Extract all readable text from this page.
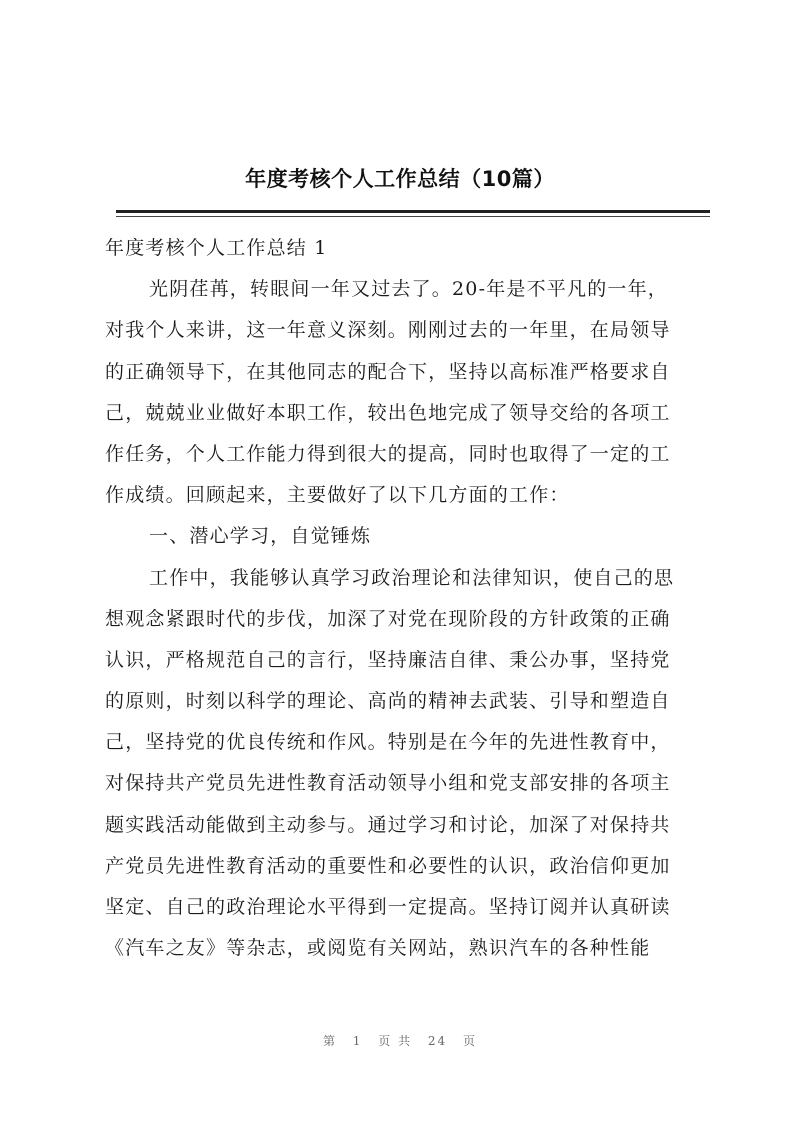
年度考核个人工作总结（10篇）
年度考核个人工作总结 1
光阴荏苒，转眼间一年又过去了。20-年是不平凡的一年，
对我个人来讲，这一年意义深刻。刚刚过去的一年里，在局领导
的正确领导下，在其他同志的配合下，坚持以高标准严格要求自
己，兢兢业业做好本职工作，较出色地完成了领导交给的各项工
作任务，个人工作能力得到很大的提高，同时也取得了一定的工
作成绩。回顾起来，主要做好了以下几方面的工作：
一、潜心学习，自觉锤炼
工作中，我能够认真学习政治理论和法律知识，使自己的思
想观念紧跟时代的步伐，加深了对党在现阶段的方针政策的正确
认识，严格规范自己的言行，坚持廉洁自律、秉公办事，坚持党
的原则，时刻以科学的理论、高尚的精神去武装、引导和塑造自
己，坚持党的优良传统和作风。特别是在今年的先进性教育中，
对保持共产党员先进性教育活动领导小组和党支部安排的各项主
题实践活动能做到主动参与。通过学习和讨论，加深了对保持共
产党员先进性教育活动的重要性和必要性的认识，政治信仰更加
坚定、自己的政治理论水平得到一定提高。坚持订阅并认真研读
《汽车之友》等杂志，或阅览有关网站，熟识汽车的各种性能
第 1 页 共 24 页
